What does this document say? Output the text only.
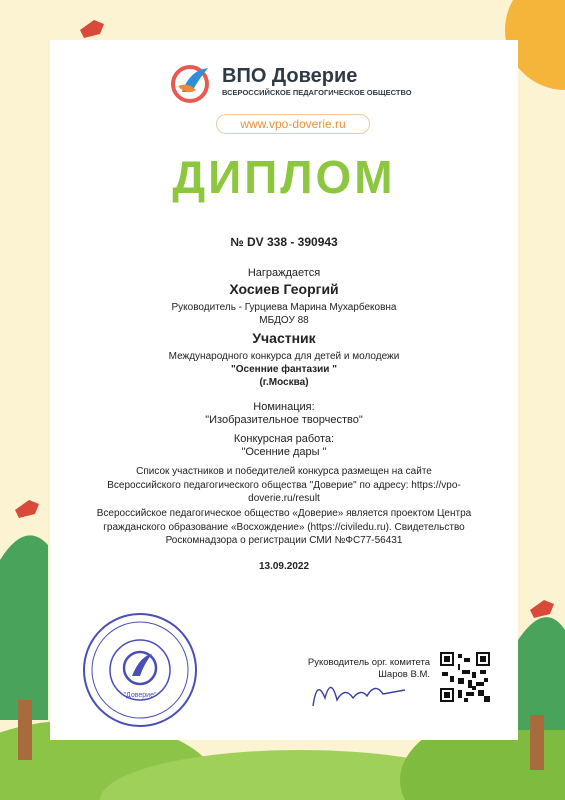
ВПО Доверие
ВСЕРОССИЙСКОЕ ПЕДАГОГИЧЕСКОЕ ОБЩЕСТВО
www.vpo-doverie.ru
ДИПЛОМ
№ DV 338 - 390943
Награждается
Хосиев Георгий
Руководитель - Гурциева Марина Мухарбековна
МБДОУ 88
Участник
Международного конкурса для детей и молодежи
"Осенние фантазии "
(г.Москва)
Номинация:
"Изобразительное творчество"
Конкурсная работа:
"Осенние дары "
Список участников и победителей конкурса размещен на сайте
Всероссийского педагогического общества "Доверие" по адресу: https://vpo-
doverie.ru/result
Всероссийское педагогическое общество «Доверие» является проектом Центра
гражданского образование «Восхождение» (https://civiledu.ru). Свидетельство
Роскомнадзора о регистрации СМИ №ФС77-56431
13.09.2022
"Доверие"
Руководитель орг. комитета
Шаров В.М.
